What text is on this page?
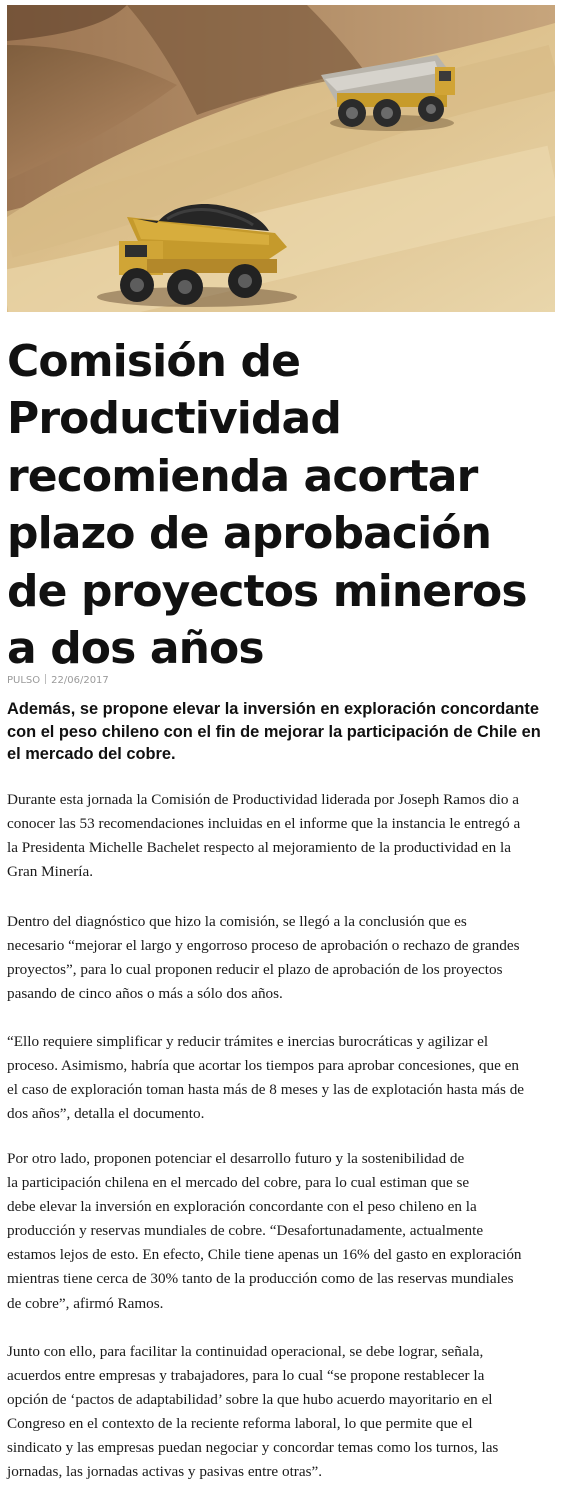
Comisión de Productividad recomienda acortar plazo de aprobación de proyectos mineros a dos años
PULSO 22/06/2017

Además, se propone elevar la inversión en exploración concordante con el peso chileno con el fin de mejorar la participación de Chile en el mercado del cobre.

Durante esta jornada la Comisión de Productividad liderada por Joseph Ramos dio a
conocer las 53 recomendaciones incluidas en el informe que la instancia le entregó a
la Presidenta Michelle Bachelet respecto al mejoramiento de la productividad en la
Gran Minería.

Dentro del diagnóstico que hizo la comisión, se llegó a la conclusión que es
necesario “mejorar el largo y engorroso proceso de aprobación o rechazo de grandes
proyectos”, para lo cual proponen reducir el plazo de aprobación de los proyectos
pasando de cinco años o más a sólo dos años.

“Ello requiere simplificar y reducir trámites e inercias burocráticas y agilizar el
proceso. Asimismo, habría que acortar los tiempos para aprobar concesiones, que en
el caso de exploración toman hasta más de 8 meses y las de explotación hasta más de
dos años”, detalla el documento.

Por otro lado, proponen potenciar el desarrollo futuro y la sostenibilidad de
la participación chilena en el mercado del cobre, para lo cual estiman que se
debe elevar la inversión en exploración concordante con el peso chileno en la
producción y reservas mundiales de cobre. “Desafortunadamente, actualmente
estamos lejos de esto. En efecto, Chile tiene apenas un 16% del gasto en exploración
mientras tiene cerca de 30% tanto de la producción como de las reservas mundiales
de cobre”, afirmó Ramos.

Junto con ello, para facilitar la continuidad operacional, se debe lograr, señala,
acuerdos entre empresas y trabajadores, para lo cual “se propone restablecer la
opción de ‘pactos de adaptabilidad’ sobre la que hubo acuerdo mayoritario en el
Congreso en el contexto de la reciente reforma laboral, lo que permite que el
sindicato y las empresas puedan negociar y concordar temas como los turnos, las
jornadas, las jornadas activas y pasivas entre otras”.
